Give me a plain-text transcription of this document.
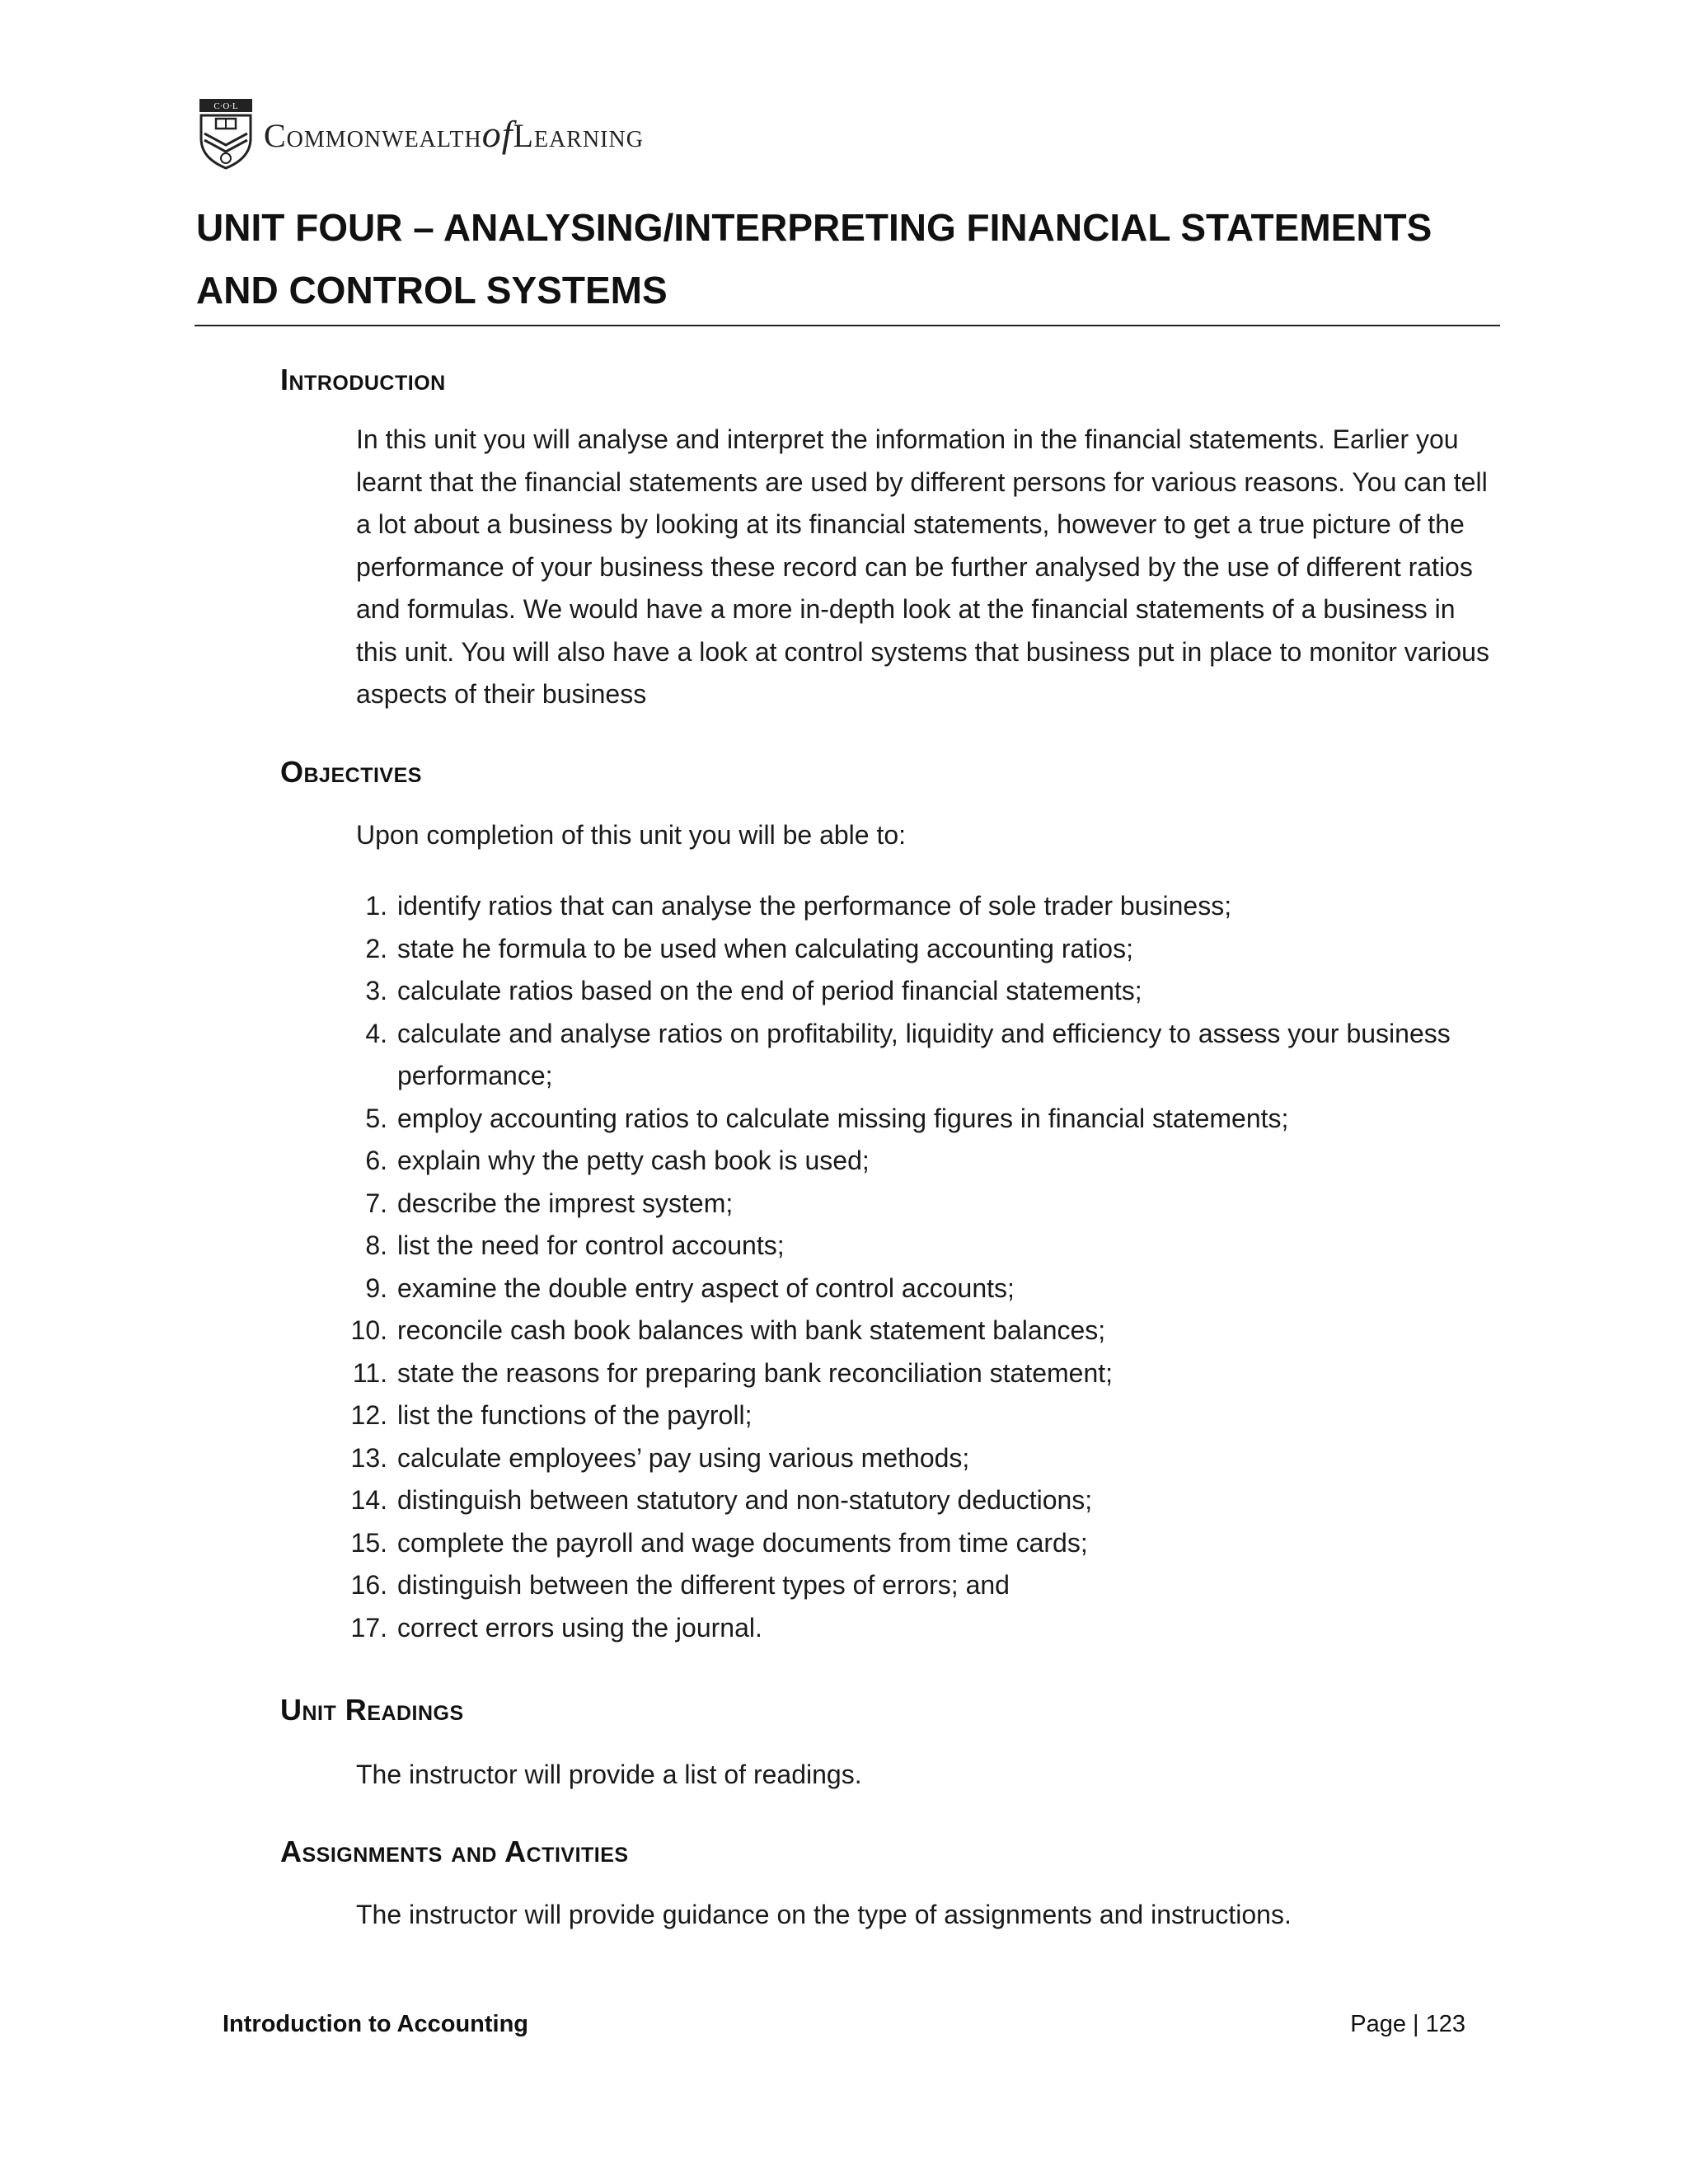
C·O·L
CommonwealthofLearning
UNIT FOUR – ANALYSING/INTERPRETING FINANCIAL STATEMENTS AND CONTROL SYSTEMS
Introduction

In this unit you will analyse and interpret the information in the financial statements. Earlier you learnt that the financial statements are used by different persons for various reasons. You can tell a lot about a business by looking at its financial statements, however to get a true picture of the performance of your business these record can be further analysed by the use of different ratios and formulas. We would have a more in-depth look at the financial statements of a business in this unit. You will also have a look at control systems that business put in place to monitor various aspects of their business

Objectives

Upon completion of this unit you will be able to:

1. identify ratios that can analyse the performance of sole trader business;
2. state he formula to be used when calculating accounting ratios;
3. calculate ratios based on the end of period financial statements;
4. calculate and analyse ratios on profitability, liquidity and efficiency to assess your business performance;
5. employ accounting ratios to calculate missing figures in financial statements;
6. explain why the petty cash book is used;
7. describe the imprest system;
8. list the need for control accounts;
9. examine the double entry aspect of control accounts;
10. reconcile cash book balances with bank statement balances;
11. state the reasons for preparing bank reconciliation statement;
12. list the functions of the payroll;
13. calculate employees’ pay using various methods;
14. distinguish between statutory and non-statutory deductions;
15. complete the payroll and wage documents from time cards;
16. distinguish between the different types of errors; and
17. correct errors using the journal.
Unit Readings

The instructor will provide a list of readings.

Assignments and Activities

The instructor will provide guidance on the type of assignments and instructions.

Introduction to Accounting	Page | 123
